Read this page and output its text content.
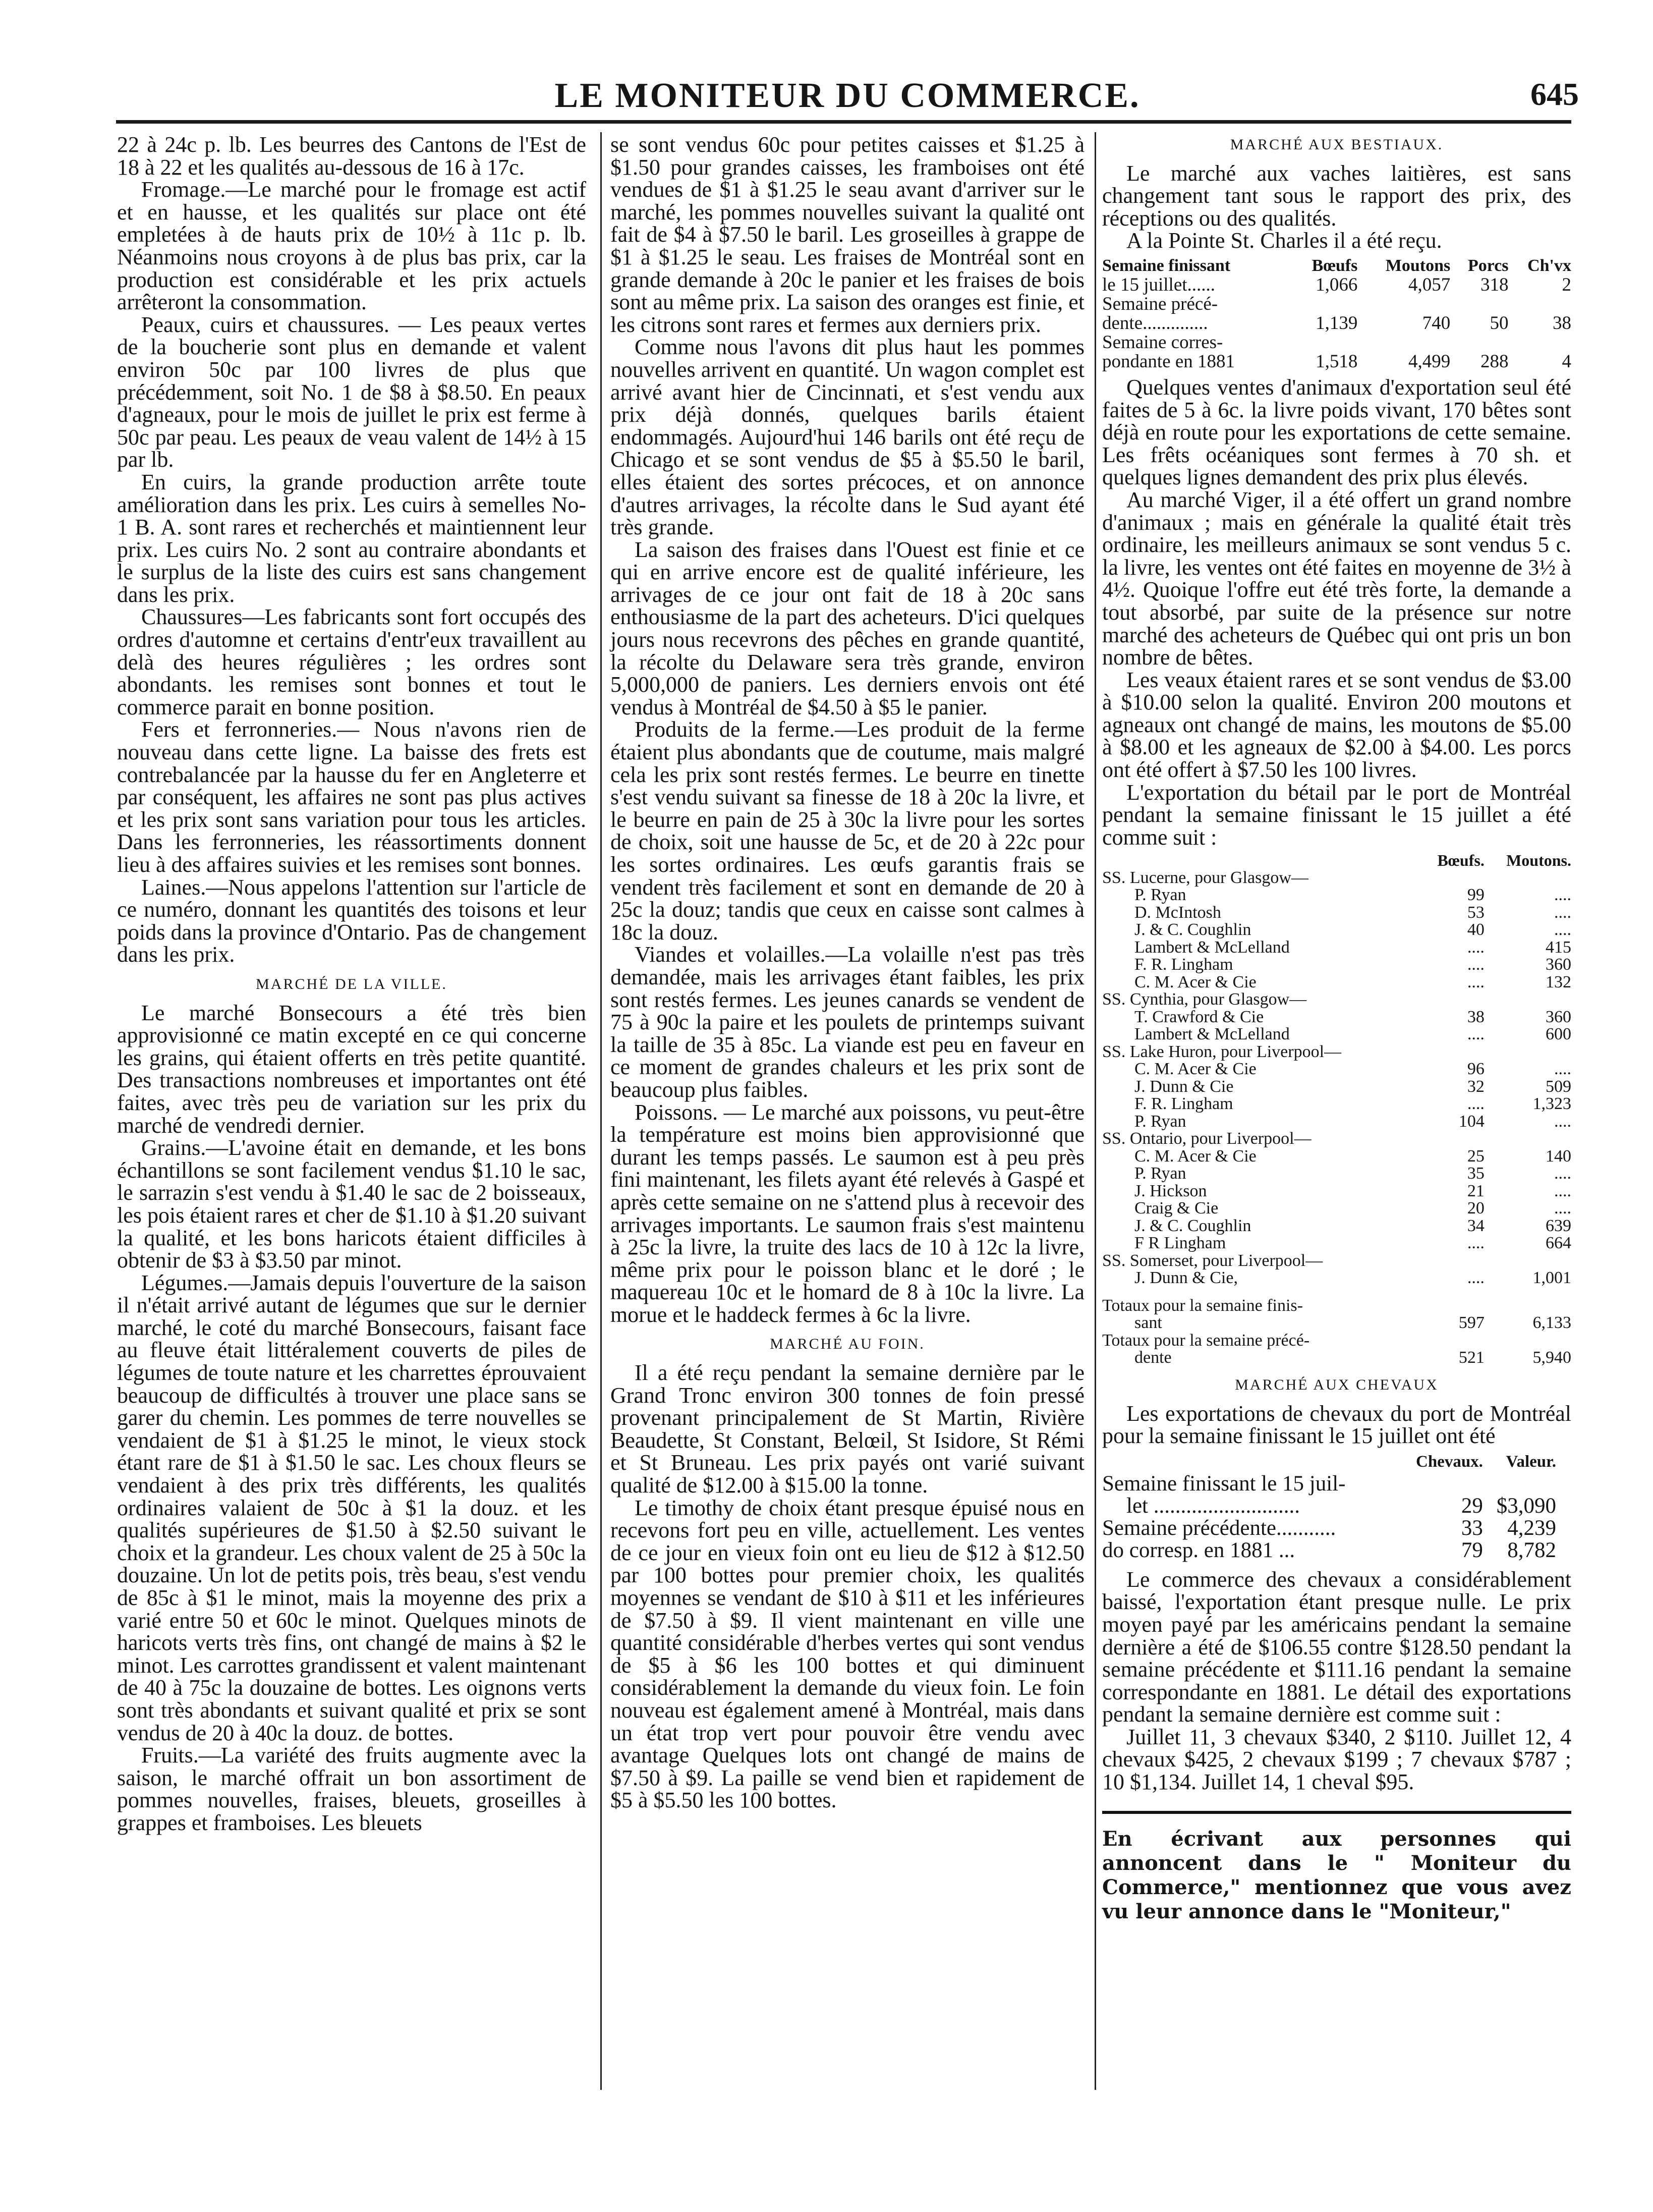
LE MONITEUR DU COMMERCE.	645

22 à 24c p. lb. Les beurres des Cantons de l'Est de 18 à 22 et les qualités au-dessous de 16 à 17c.

Fromage.—Le marché pour le fromage est actif et en hausse, et les qualités sur place ont été empletées à de hauts prix de 10½ à 11c p. lb. Néanmoins nous croyons à de plus bas prix, car la production est considérable et les prix actuels arrêteront la consommation.

Peaux, cuirs et chaussures. — Les peaux vertes de la boucherie sont plus en demande et valent environ 50c par 100 livres de plus que précédemment, soit No. 1 de $8 à $8.50. En peaux d'agneaux, pour le mois de juillet le prix est ferme à 50c par peau. Les peaux de veau valent de 14½ à 15 par lb.

En cuirs, la grande production arrête toute amélioration dans les prix. Les cuirs à semelles No- 1 B. A. sont rares et recherchés et maintiennent leur prix. Les cuirs No. 2 sont au contraire abondants et le surplus de la liste des cuirs est sans changement dans les prix.

Chaussures—Les fabricants sont fort occupés des ordres d'automne et certains d'entr'eux travaillent au delà des heures régulières ; les ordres sont abondants. les remises sont bonnes et tout le commerce parait en bonne position.

Fers et ferronneries.— Nous n'avons rien de nouveau dans cette ligne. La baisse des frets est contrebalancée par la hausse du fer en Angleterre et par conséquent, les affaires ne sont pas plus actives et les prix sont sans variation pour tous les articles. Dans les ferronneries, les réassortiments donnent lieu à des affaires suivies et les remises sont bonnes.

Laines.—Nous appelons l'attention sur l'article de ce numéro, donnant les quantités des toisons et leur poids dans la province d'Ontario. Pas de changement dans les prix.

MARCHÉ DE LA VILLE.

Le marché Bonsecours a été très bien approvisionné ce matin excepté en ce qui concerne les grains, qui étaient offerts en très petite quantité. Des transactions nombreuses et importantes ont été faites, avec très peu de variation sur les prix du marché de vendredi dernier.

Grains.—L'avoine était en demande, et les bons échantillons se sont facilement vendus $1.10 le sac, le sarrazin s'est vendu à $1.40 le sac de 2 boisseaux, les pois étaient rares et cher de $1.10 à $1.20 suivant la qualité, et les bons haricots étaient difficiles à obtenir de $3 à $3.50 par minot.

Légumes.—Jamais depuis l'ouverture de la saison il n'était arrivé autant de légumes que sur le dernier marché, le coté du marché Bonsecours, faisant face au fleuve était littéralement couverts de piles de légumes de toute nature et les charrettes éprouvaient beaucoup de difficultés à trouver une place sans se garer du chemin. Les pommes de terre nouvelles se vendaient de $1 à $1.25 le minot, le vieux stock étant rare de $1 à $1.50 le sac. Les choux fleurs se vendaient à des prix très différents, les qualités ordinaires valaient de 50c à $1 la douz. et les qualités supérieures de $1.50 à $2.50 suivant le choix et la grandeur. Les choux valent de 25 à 50c la douzaine. Un lot de petits pois, très beau, s'est vendu de 85c à $1 le minot, mais la moyenne des prix a varié entre 50 et 60c le minot. Quelques minots de haricots verts très fins, ont changé de mains à $2 le minot. Les carrottes grandissent et valent maintenant de 40 à 75c la douzaine de bottes. Les oignons verts sont très abondants et suivant qualité et prix se sont vendus de 20 à 40c la douz. de bottes.

Fruits.—La variété des fruits augmente avec la saison, le marché offrait un bon assortiment de pommes nouvelles, fraises, bleuets, groseilles à grappes et framboises. Les bleuets

se sont vendus 60c pour petites caisses et $1.25 à $1.50 pour grandes caisses, les framboises ont été vendues de $1 à $1.25 le seau avant d'arriver sur le marché, les pommes nouvelles suivant la qualité ont fait de $4 à $7.50 le baril. Les groseilles à grappe de $1 à $1.25 le seau. Les fraises de Montréal sont en grande demande à 20c le panier et les fraises de bois sont au même prix. La saison des oranges est finie, et les citrons sont rares et fermes aux derniers prix.

Comme nous l'avons dit plus haut les pommes nouvelles arrivent en quantité. Un wagon complet est arrivé avant hier de Cincinnati, et s'est vendu aux prix déjà donnés, quelques barils étaient endommagés. Aujourd'hui 146 barils ont été reçu de Chicago et se sont vendus de $5 à $5.50 le baril, elles étaient des sortes précoces, et on annonce d'autres arrivages, la récolte dans le Sud ayant été très grande.

La saison des fraises dans l'Ouest est finie et ce qui en arrive encore est de qualité inférieure, les arrivages de ce jour ont fait de 18 à 20c sans enthousiasme de la part des acheteurs. D'ici quelques jours nous recevrons des pêches en grande quantité, la récolte du Delaware sera très grande, environ 5,000,000 de paniers. Les derniers envois ont été vendus à Montréal de $4.50 à $5 le panier.

Produits de la ferme.—Les produit de la ferme étaient plus abondants que de coutume, mais malgré cela les prix sont restés fermes. Le beurre en tinette s'est vendu suivant sa finesse de 18 à 20c la livre, et le beurre en pain de 25 à 30c la livre pour les sortes de choix, soit une hausse de 5c, et de 20 à 22c pour les sortes ordinaires. Les œufs garantis frais se vendent très facilement et sont en demande de 20 à 25c la douz; tandis que ceux en caisse sont calmes à 18c la douz.

Viandes et volailles.—La volaille n'est pas très demandée, mais les arrivages étant faibles, les prix sont restés fermes. Les jeunes canards se vendent de 75 à 90c la paire et les poulets de printemps suivant la taille de 35 à 85c. La viande est peu en faveur en ce moment de grandes chaleurs et les prix sont de beaucoup plus faibles.

Poissons. — Le marché aux poissons, vu peut-être la température est moins bien approvisionné que durant les temps passés. Le saumon est à peu près fini maintenant, les filets ayant été relevés à Gaspé et après cette semaine on ne s'attend plus à recevoir des arrivages importants. Le saumon frais s'est maintenu à 25c la livre, la truite des lacs de 10 à 12c la livre, même prix pour le poisson blanc et le doré ; le maquereau 10c et le homard de 8 à 10c la livre. La morue et le haddeck fermes à 6c la livre.

MARCHÉ AU FOIN.

Il a été reçu pendant la semaine dernière par le Grand Tronc environ 300 tonnes de foin pressé provenant principalement de St Martin, Rivière Beaudette, St Constant, Belœil, St Isidore, St Rémi et St Bruneau. Les prix payés ont varié suivant qualité de $12.00 à $15.00 la tonne.

Le timothy de choix étant presque épuisé nous en recevons fort peu en ville, actuellement. Les ventes de ce jour en vieux foin ont eu lieu de $12 à $12.50 par 100 bottes pour premier choix, les qualités moyennes se vendant de $10 à $11 et les inférieures de $7.50 à $9. Il vient maintenant en ville une quantité considérable d'herbes vertes qui sont vendus de $5 à $6 les 100 bottes et qui diminuent considérablement la demande du vieux foin. Le foin nouveau est également amené à Montréal, mais dans un état trop vert pour pouvoir être vendu avec avantage Quelques lots ont changé de mains de $7.50 à $9. La paille se vend bien et rapidement de $5 à $5.50 les 100 bottes.

MARCHÉ AUX BESTIAUX.

Le marché aux vaches laitières, est sans changement tant sous le rapport des prix, des réceptions ou des qualités.

A la Pointe St. Charles il a été reçu.

Semaine finissant	Bœufs	Moutons	Porcs	Ch'vx
le 15 juillet......	1,066	4,057	318	2
Semaine précé-				
dente..............	1,139	740	50	38
Semaine corres-				
pondante en 1881	1,518	4,499	288	4

Quelques ventes d'animaux d'exportation seul été faites de 5 à 6c. la livre poids vivant, 170 bêtes sont déjà en route pour les exportations de cette semaine. Les frêts océaniques sont fermes à 70 sh. et quelques lignes demandent des prix plus élevés.

Au marché Viger, il a été offert un grand nombre d'animaux ; mais en générale la qualité était très ordinaire, les meilleurs animaux se sont vendus 5 c. la livre, les ventes ont été faites en moyenne de 3½ à 4½. Quoique l'offre eut été très forte, la demande a tout absorbé, par suite de la présence sur notre marché des acheteurs de Québec qui ont pris un bon nombre de bêtes.

Les veaux étaient rares et se sont vendus de $3.00 à $10.00 selon la qualité. Environ 200 moutons et agneaux ont changé de mains, les moutons de $5.00 à $8.00 et les agneaux de $2.00 à $4.00. Les porcs ont été offert à $7.50 les 100 livres.

L'exportation du bétail par le port de Montréal pendant la semaine finissant le 15 juillet a été comme suit :

	Bœufs.	Moutons.
SS. Lucerne, pour Glasgow—		
P. Ryan	99	....
D. McIntosh	53	....
J. & C. Coughlin	40	....
Lambert & McLelland	....	415
F. R. Lingham	....	360
C. M. Acer & Cie	....	132
SS. Cynthia, pour Glasgow—		
T. Crawford & Cie	38	360
Lambert & McLelland	....	600
SS. Lake Huron, pour Liverpool—		
C. M. Acer & Cie	96	....
J. Dunn & Cie	32	509
F. R. Lingham	....	1,323
P. Ryan	104	....
SS. Ontario, pour Liverpool—		
C. M. Acer & Cie	25	140
P. Ryan	35	....
J. Hickson	21	....
Craig & Cie	20	....
J. & C. Coughlin	34	639
F R Lingham	....	664
SS. Somerset, pour Liverpool—		
J. Dunn & Cie,	....	1,001
Totaux pour la semaine finis-		
sant	597	6,133
Totaux pour la semaine précé-		
dente	521	5,940
MARCHÉ AUX CHEVAUX

Les exportations de chevaux du port de Montréal pour la semaine finissant le 15 juillet ont été

	Chevaux.	Valeur.
Semaine finissant le 15 juil-		
let ...........................	29	$3,090
Semaine précédente...........	33	4,239
do corresp. en 1881 ...	79	8,782

Le commerce des chevaux a considérablement baissé, l'exportation étant presque nulle. Le prix moyen payé par les américains pendant la semaine dernière a été de $106.55 contre $128.50 pendant la semaine précédente et $111.16 pendant la semaine correspondante en 1881. Le détail des exportations pendant la semaine dernière est comme suit :

Juillet 11, 3 chevaux $340, 2 $110. Juillet 12, 4 chevaux $425, 2 chevaux $199 ; 7 chevaux $787 ; 10 $1,134. Juillet 14, 1 cheval $95.

En écrivant aux personnes qui annoncent dans le " Moniteur du Commerce," mentionnez que vous avez vu leur annonce dans le "Moniteur,"
